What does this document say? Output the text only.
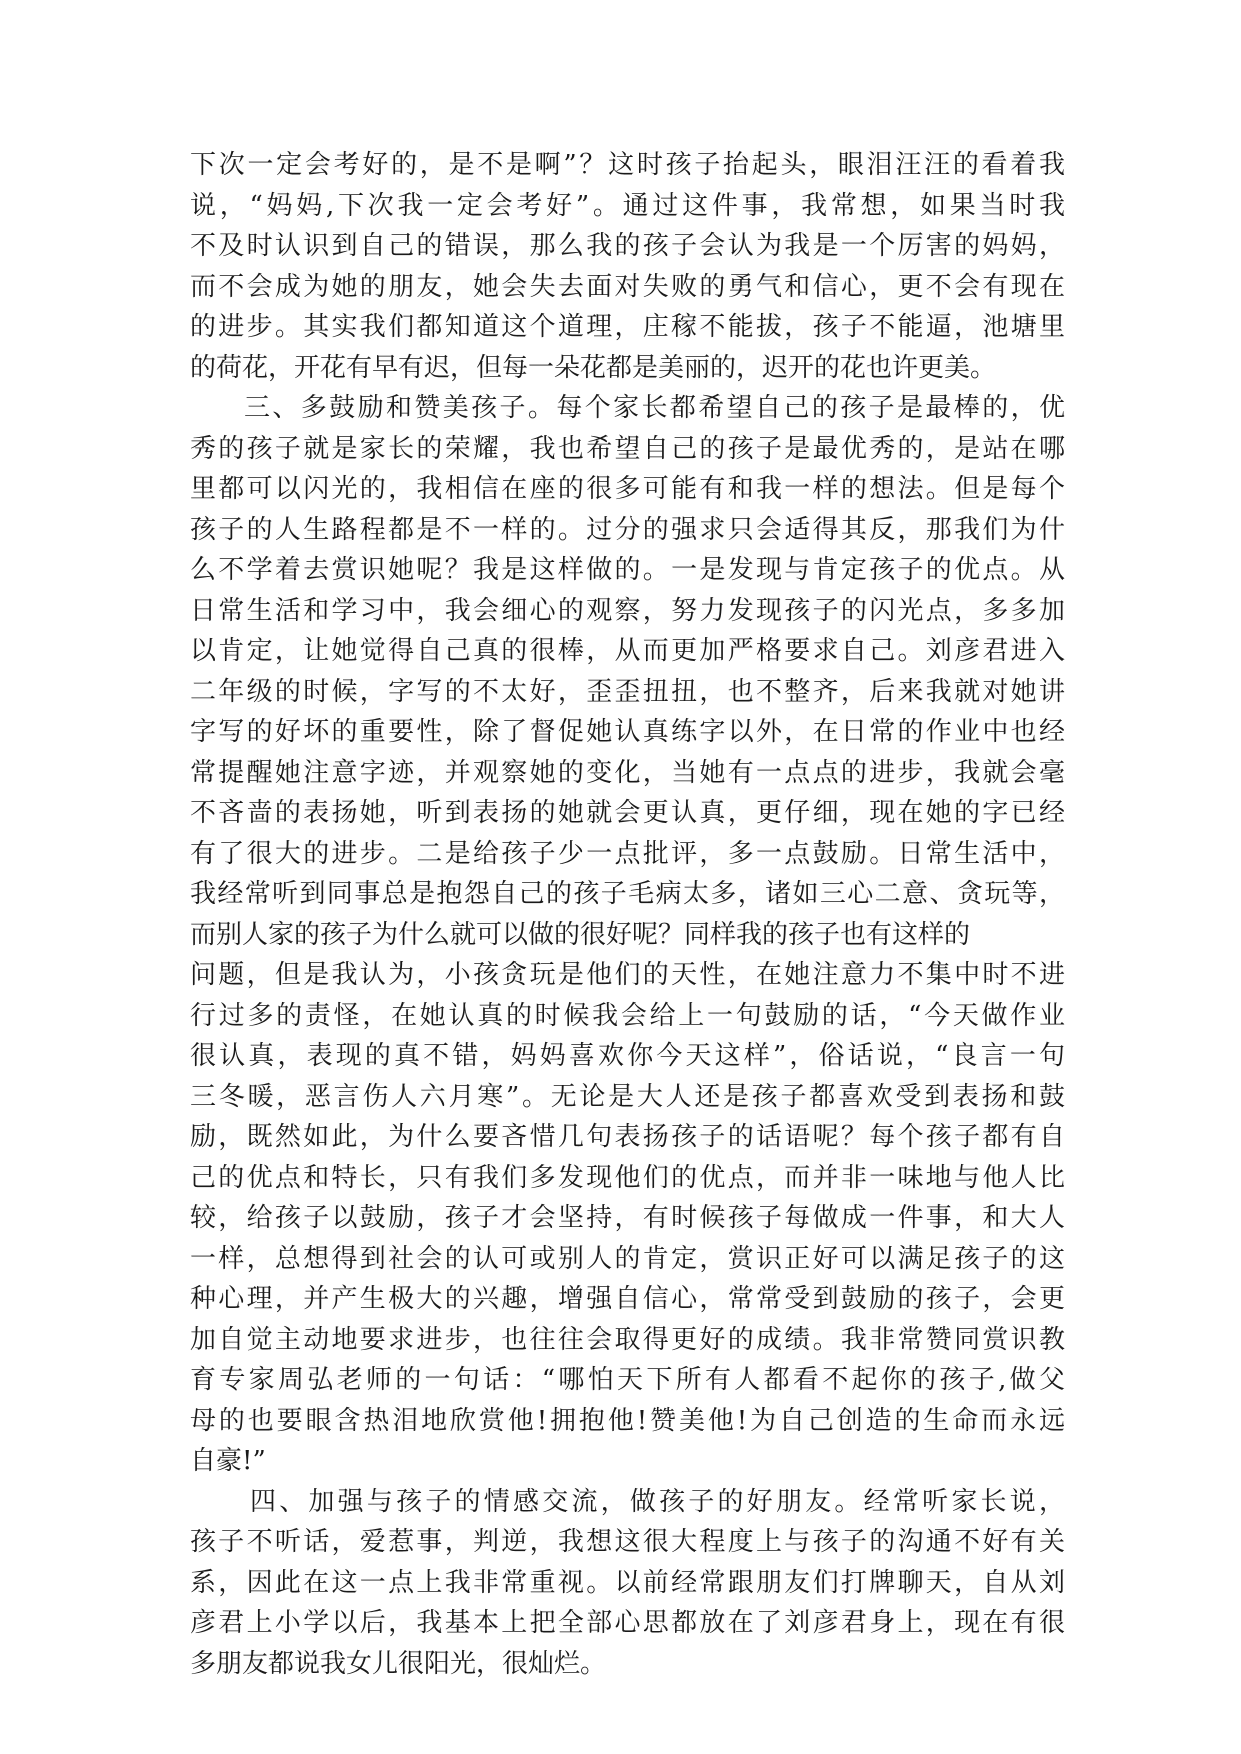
下次一定会考好的，是不是啊”？这时孩子抬起头，眼泪汪汪的看着我
说，“妈妈,下次我一定会考好”。通过这件事，我常想，如果当时我
不及时认识到自己的错误，那么我的孩子会认为我是一个厉害的妈妈，
而不会成为她的朋友，她会失去面对失败的勇气和信心，更不会有现在
的进步。其实我们都知道这个道理，庄稼不能拔，孩子不能逼，池塘里
的荷花，开花有早有迟，但每一朵花都是美丽的，迟开的花也许更美。
三、多鼓励和赞美孩子。每个家长都希望自己的孩子是最棒的，优
秀的孩子就是家长的荣耀，我也希望自己的孩子是最优秀的，是站在哪
里都可以闪光的，我相信在座的很多可能有和我一样的想法。但是每个
孩子的人生路程都是不一样的。过分的强求只会适得其反，那我们为什
么不学着去赏识她呢？我是这样做的。一是发现与肯定孩子的优点。从
日常生活和学习中，我会细心的观察，努力发现孩子的闪光点，多多加
以肯定，让她觉得自己真的很棒，从而更加严格要求自己。刘彦君进入
二年级的时候，字写的不太好，歪歪扭扭，也不整齐，后来我就对她讲
字写的好坏的重要性，除了督促她认真练字以外，在日常的作业中也经
常提醒她注意字迹，并观察她的变化，当她有一点点的进步，我就会毫
不吝啬的表扬她，听到表扬的她就会更认真，更仔细，现在她的字已经
有了很大的进步。二是给孩子少一点批评，多一点鼓励。日常生活中，
我经常听到同事总是抱怨自己的孩子毛病太多，诸如三心二意、贪玩等，
而别人家的孩子为什么就可以做的很好呢？同样我的孩子也有这样的
问题，但是我认为，小孩贪玩是他们的天性，在她注意力不集中时不进
行过多的责怪，在她认真的时候我会给上一句鼓励的话，“今天做作业
很认真，表现的真不错，妈妈喜欢你今天这样”，俗话说，“良言一句
三冬暖，恶言伤人六月寒”。无论是大人还是孩子都喜欢受到表扬和鼓
励，既然如此，为什么要吝惜几句表扬孩子的话语呢？每个孩子都有自
己的优点和特长，只有我们多发现他们的优点，而并非一味地与他人比
较，给孩子以鼓励，孩子才会坚持，有时候孩子每做成一件事，和大人
一样，总想得到社会的认可或别人的肯定，赏识正好可以满足孩子的这
种心理，并产生极大的兴趣，增强自信心，常常受到鼓励的孩子，会更
加自觉主动地要求进步，也往往会取得更好的成绩。我非常赞同赏识教
育专家周弘老师的一句话：“哪怕天下所有人都看不起你的孩子,做父
母的也要眼含热泪地欣赏他!拥抱他!赞美他!为自己创造的生命而永远
自豪!”
四、加强与孩子的情感交流，做孩子的好朋友。经常听家长说，
孩子不听话，爱惹事，判逆，我想这很大程度上与孩子的沟通不好有关
系，因此在这一点上我非常重视。以前经常跟朋友们打牌聊天，自从刘
彦君上小学以后，我基本上把全部心思都放在了刘彦君身上，现在有很
多朋友都说我女儿很阳光，很灿烂。
